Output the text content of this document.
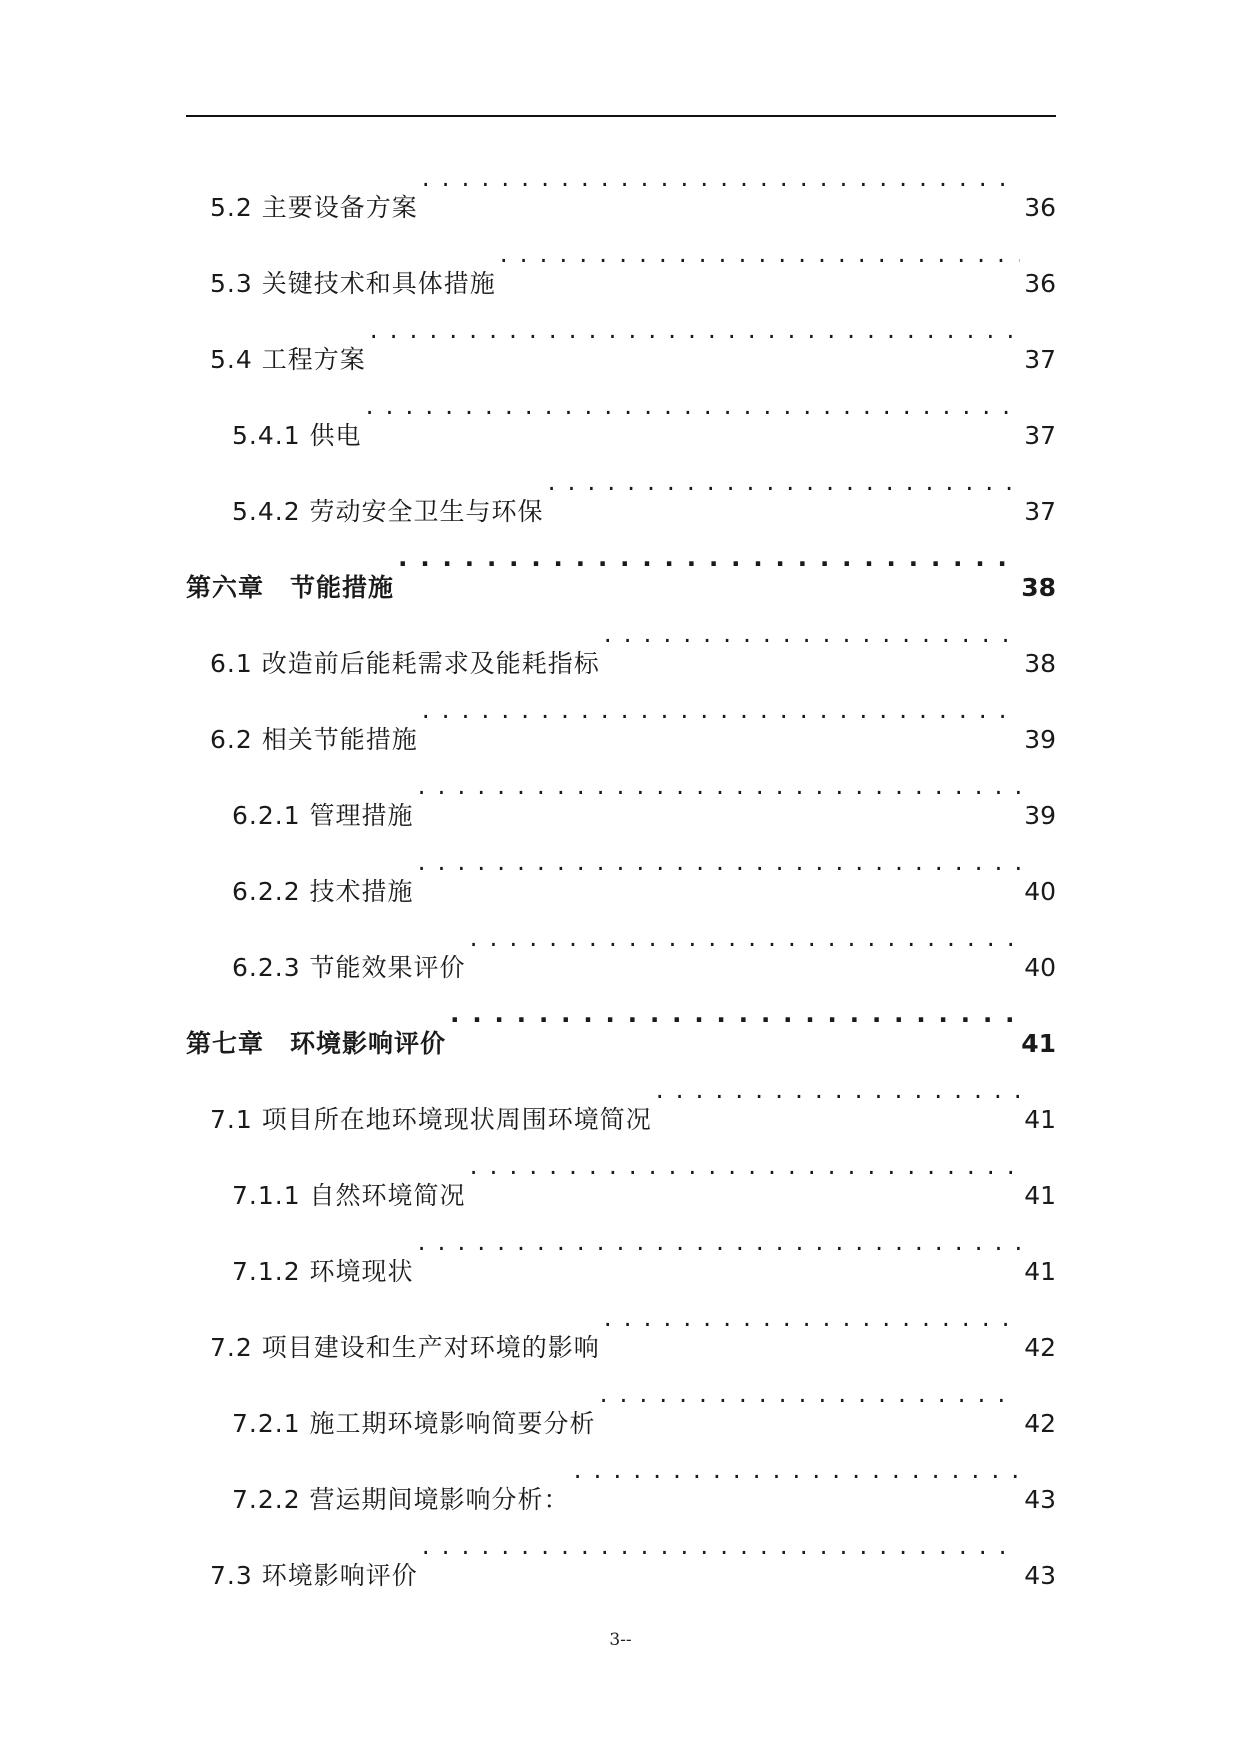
5.2 主要设备方案 . . .	36
5.3 关键技术和具体措施 . . .	36
5.4 工程方案 . . .	37
5.4.1 供电 . . .	37
5.4.2 劳动安全卫生与环保 . . .	37
第六章　节能措施 . . .	38
6.1 改造前后能耗需求及能耗指标 . . .	38
6.2 相关节能措施 . . .	39
6.2.1 管理措施 . . .	39
6.2.2 技术措施 . . .	40
6.2.3 节能效果评价 . . .	40
第七章　环境影响评价 . . .	41
7.1 项目所在地环境现状周围环境简况 . . .	41
7.1.1 自然环境简况 . . .	41
7.1.2 环境现状 . . .	41
7.2 项目建设和生产对环境的影响 . . .	42
7.2.1 施工期环境影响简要分析 . . .	42
7.2.2 营运期间境影响分析： . . .	43
7.3 环境影响评价 . . .	43
3--
